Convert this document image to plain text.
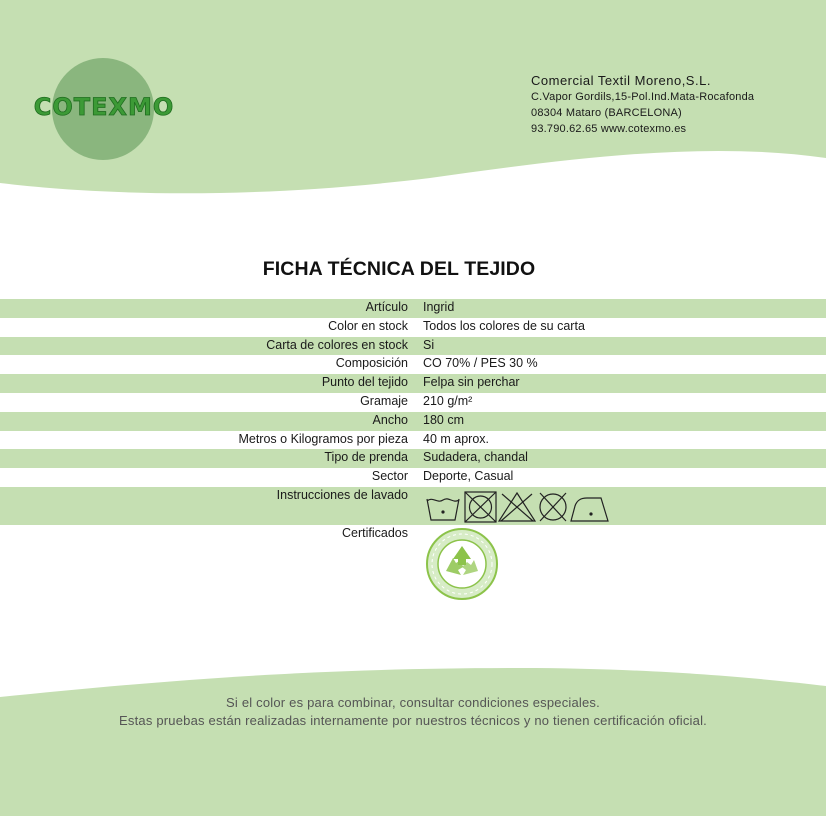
COTEXMO
Comercial Textil Moreno,S.L.
C.Vapor Gordils,15-Pol.Ind.Mata-Rocafonda
08304 Mataro (BARCELONA)
93.790.62.65 www.cotexmo.es
FICHA TÉCNICA DEL TEJIDO
Artículo Ingrid
Color en stock Todos los colores de su carta
Carta de colores en stock Si
Composición CO 70% / PES 30 %
Punto del tejido Felpa sin perchar
Gramaje 210 g/m²
Ancho 180 cm
Metros o Kilogramos por pieza 40 m aprox.
Tipo de prenda Sudadera, chandal
Sector Deporte, Casual
Instrucciones de lavado
Certificados
Si el color es para combinar, consultar condiciones especiales.
Estas pruebas están realizadas internamente por nuestros técnicos y no tienen certificación oficial.
